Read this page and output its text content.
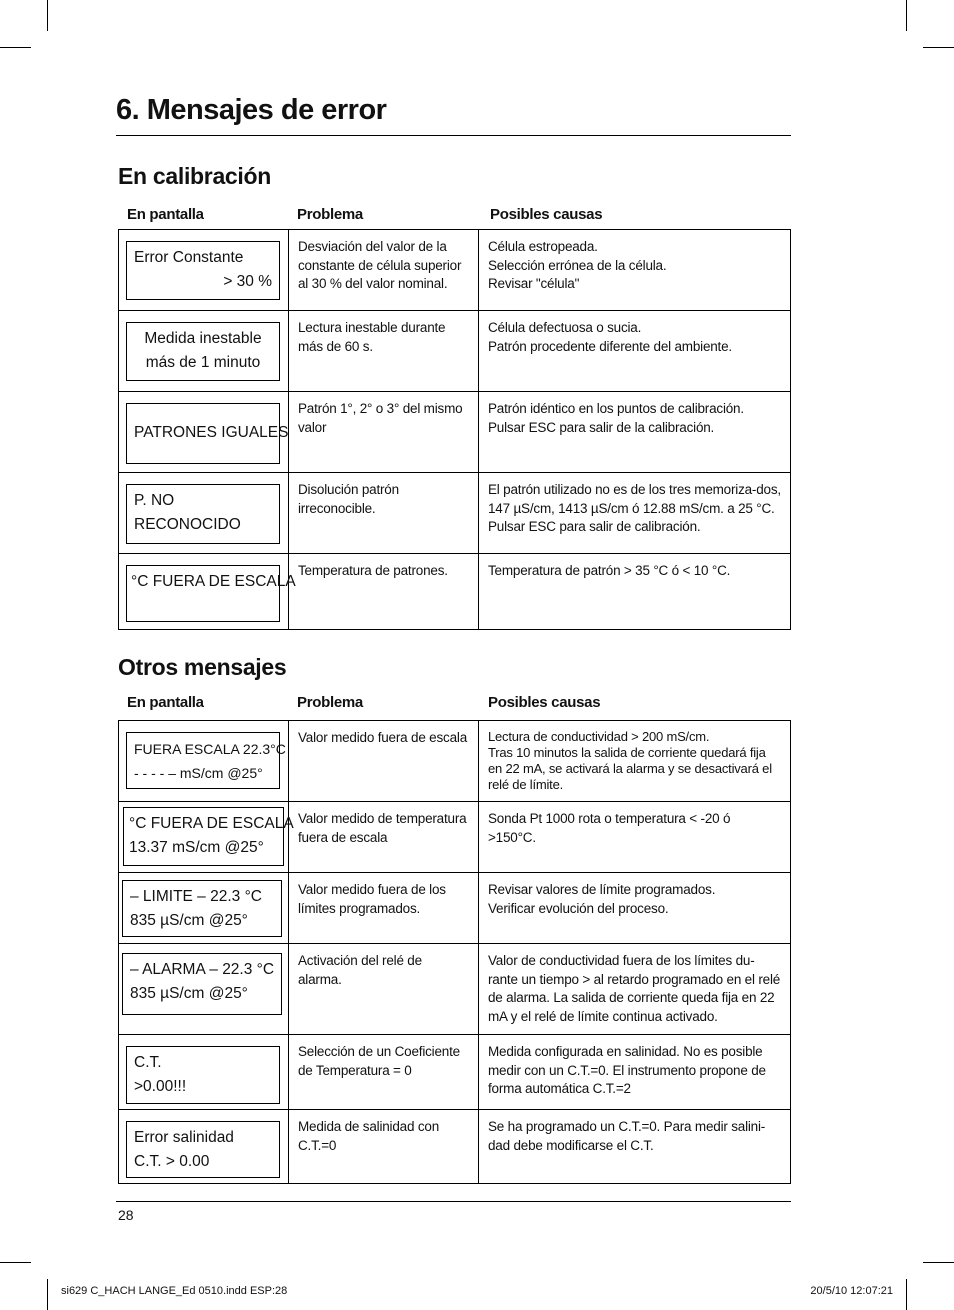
6. Mensajes de error
En calibración
En pantalla	Problema	Posibles causas
Error Constante
> 30 %	Desviación del valor de la constante de célula superior al 30 % del valor nominal.	Célula estropeada.
Selección errónea de la célula.
Revisar "célula"

Medida inestable
más de 1 minuto	Lectura inestable durante más de 60 s.	Célula defectuosa o sucia.
Patrón procedente diferente del ambiente.

PATRONES IGUALES	Patrón 1°, 2° o 3° del mismo valor	Patrón idéntico en los puntos de calibración.
Pulsar ESC para salir de la calibración.

P. NO
RECONOCIDO	Disolución patrón irreconocible.	El patrón utilizado no es de los tres memoriza-dos, 147 µS/cm, 1413 µS/cm ó 12.88 mS/cm. a 25 °C. Pulsar ESC para salir de calibración.

°C FUERA DE ESCALA	Temperatura de patrones.	Temperatura de patrón > 35 °C ó < 10 °C.
Otros mensajes
En pantalla	Problema	Posibles causas
FUERA ESCALA 22.3°C
- - - - – mS/cm @25°	Valor medido fuera de escala	Lectura de conductividad > 200 mS/cm.
Tras 10 minutos la salida de corriente quedará fija en 22 mA, se activará la alarma y se desactivará el relé de límite.

°C FUERA DE ESCALA
13.37 mS/cm @25°	Valor medido de temperatura fuera de escala	Sonda Pt 1000 rota o temperatura < -20 ó >150°C.

– LIMITE – 22.3 °C
835 µS/cm @25°	Valor medido fuera de los límites programados.	Revisar valores de límite programados.
Verificar evolución del proceso.

– ALARMA – 22.3 °C
835 µS/cm @25°	Activación del relé de alarma.	Valor de conductividad fuera de los límites du-rante un tiempo > al retardo programado en el relé de alarma. La salida de corriente queda fija en 22 mA y el relé de límite continua activado.

C.T.
>0.00!!!	Selección de un Coeficiente de Temperatura = 0	Medida configurada en salinidad. No es posible medir con un C.T.=0. El instrumento propone de forma automática C.T.=2

Error salinidad
C.T. > 0.00	Medida de salinidad con C.T.=0	Se ha programado un C.T.=0. Para medir salini-dad debe modificarse el C.T.
28
si629 C_HACH LANGE_Ed 0510.indd ESP:28	20/5/10 12:07:21
